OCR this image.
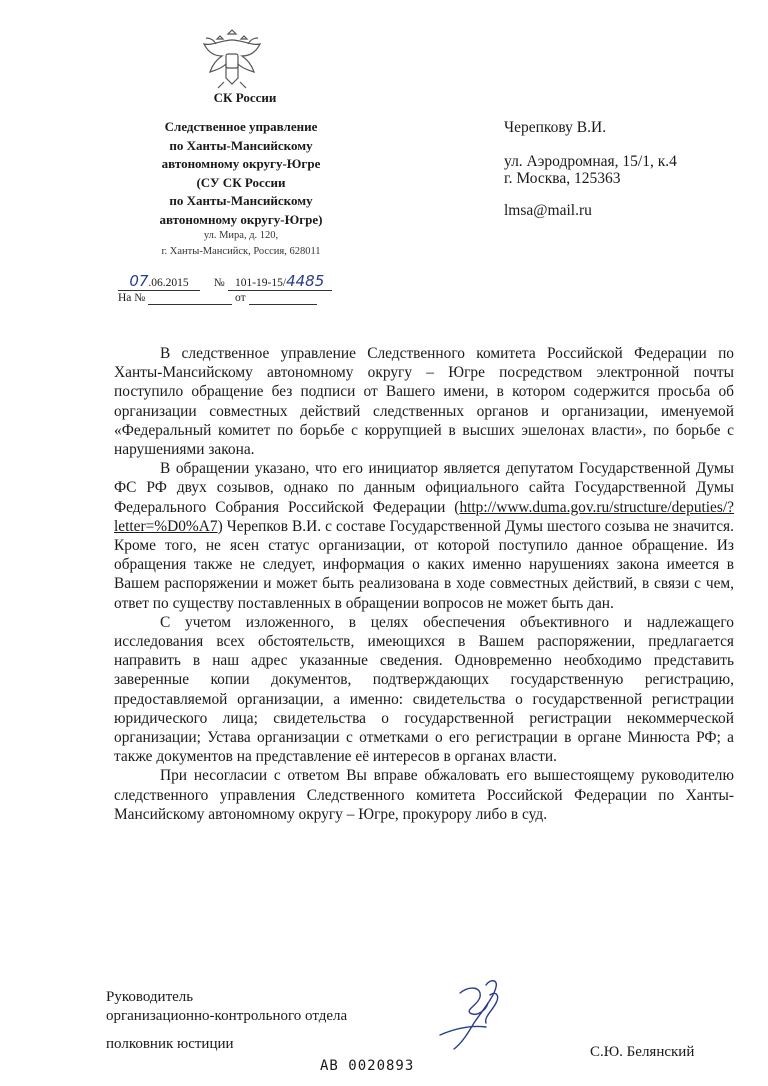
СК России
Следственное управление
по Ханты-Мансийскому
автономному округу-Югре
(СУ СК России
по Ханты-Мансийскому
автономному округу-Югре)
ул. Мира, д. 120,
г. Ханты-Мансийск, Россия, 628011
07.06.2015 № 101-19-15/4485
На №	от
Черепкову В.И.
ул. Аэродромная, 15/1, к.4
г. Москва, 125363
lmsa@mail.ru

В следственное управление Следственного комитета Российской Федерации по Ханты-Мансийскому автономному округу – Югре посредством электронной почты поступило обращение без подписи от Вашего имени, в котором содержится просьба об организации совместных действий следственных органов и организации, именуемой «Федеральный комитет по борьбе с коррупцией в высших эшелонах власти», по борьбе с нарушениями закона.

В обращении указано, что его инициатор является депутатом Государственной Думы ФС РФ двух созывов, однако по данным официального сайта Государственной Думы Федерального Собрания Российской Федерации (http://www.duma.gov.ru/structure/deputies/?letter=%D0%A7) Черепков В.И. с составе Государственной Думы шестого созыва не значится. Кроме того, не ясен статус организации, от которой поступило данное обращение. Из обращения также не следует, информация о каких именно нарушениях закона имеется в Вашем распоряжении и может быть реализована в ходе совместных действий, в связи с чем, ответ по существу поставленных в обращении вопросов не может быть дан.

С учетом изложенного, в целях обеспечения объективного и надлежащего исследования всех обстоятельств, имеющихся в Вашем распоряжении, предлагается направить в наш адрес указанные сведения. Одновременно необходимо представить заверенные копии документов, подтверждающих государственную регистрацию, предоставляемой организации, а именно: свидетельства о государственной регистрации юридического лица; свидетельства о государственной регистрации некоммерческой организации; Устава организации с отметками о его регистрации в органе Минюста РФ; а также документов на представление её интересов в органах власти.

При несогласии с ответом Вы вправе обжаловать его вышестоящему руководителю следственного управления Следственного комитета Российской Федерации по Ханты-Мансийскому автономному округу – Югре, прокурору либо в суд.

Руководитель
организационно-контрольного отдела
полковник юстиции	С.Ю. Белянский
АВ 0020893
